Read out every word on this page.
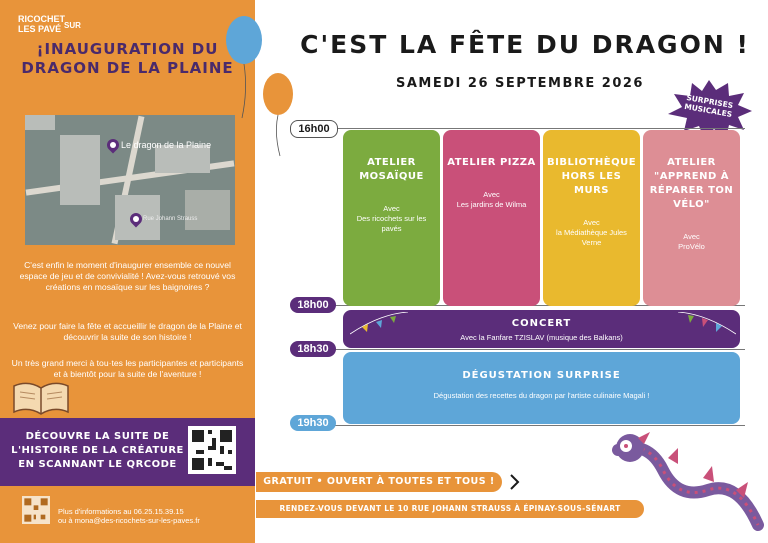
RICOCHET
LES PAVÉ SUR
¡INAUGURATION DU DRAGON DE LA PLAINE
Le dragon de la Plaine
Rue Johann Strauss
C'est enfin le moment d'inaugurer ensemble ce nouvel espace de jeu et de convivialité ! Avez-vous retrouvé vos créations en mosaïque sur les baignoires ?
Venez pour faire la fête et accueillir le dragon de la Plaine et découvrir la suite de son histoire !
Un très grand merci à tou·tes les participantes et participants et à bientôt pour la suite de l'aventure !
DÉCOUVRE LA SUITE DE L'HISTOIRE DE LA CRÉATURE EN SCANNANT LE QRCODE
Plus d'informations au 06.25.15.39.15
ou à mona@des-ricochets-sur-les-paves.fr
C'EST LA FÊTE DU DRAGON !
SAMEDI 26 SEPTEMBRE 2026
SURPRISES MUSICALES
16h00
18h00
18h30
19h30
ATELIER MOSAÏQUE
Avec
Des ricochets sur les pavés
ATELIER PIZZA
Avec
Les jardins de Wilma
BIBLIOTHÈQUE HORS LES MURS
Avec
la Médiathèque Jules Verne
ATELIER "APPREND À RÉPARER TON VÉLO"
Avec
ProVélo
CONCERT
Avec la Fanfare TZISLAV (musique des Balkans)
DÉGUSTATION SURPRISE
Dégustation des recettes du dragon par l'artiste culinaire Magali !
GRATUIT • OUVERT À TOUTES ET TOUS !
RENDEZ-VOUS DEVANT LE 10 RUE JOHANN STRAUSS À ÉPINAY-SOUS-SÉNART
